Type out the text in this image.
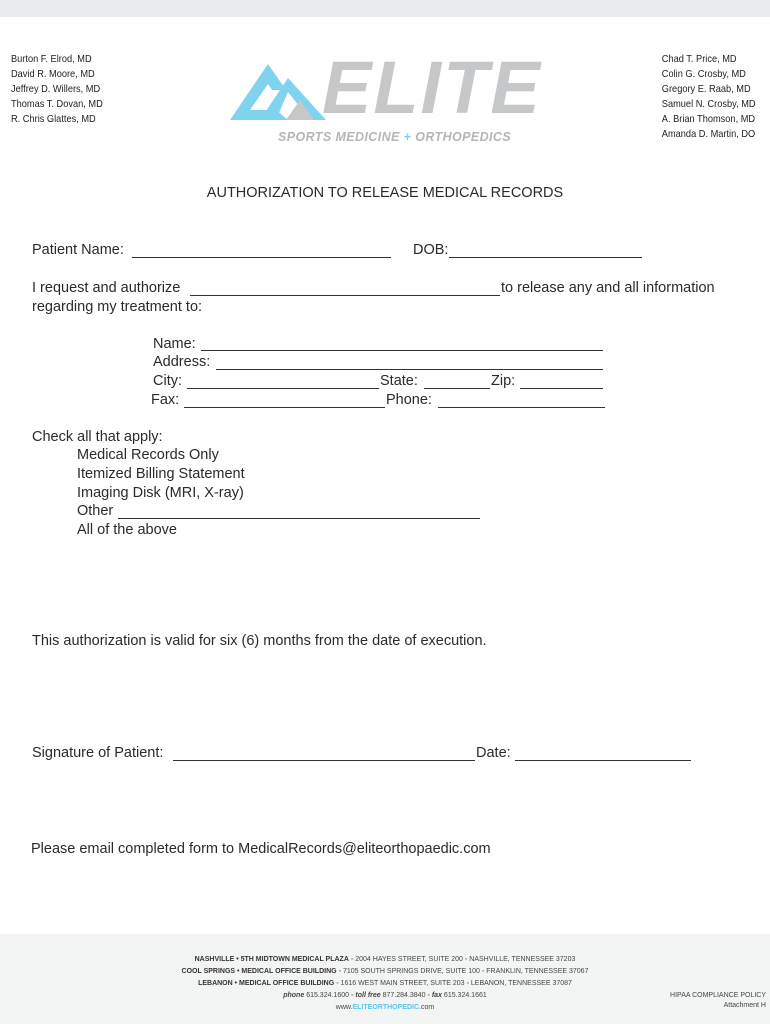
Burton F. Elrod, MD
David R. Moore, MD
Jeffrey D. Willers, MD
Thomas T. Dovan, MD
R. Chris Glattes, MD	ELITE
SPORTS MEDICINE + ORTHOPEDICS
Chad T. Price, MD
Colin G. Crosby, MD
Gregory E. Raab, MD
Samuel N. Crosby, MD
A. Brian Thomson, MD
Amanda D. Martin, DO
AUTHORIZATION TO RELEASE MEDICAL RECORDS
Patient Name:	DOB:
I request and authorize	to release any and all information
regarding my treatment to:
Name:
Address:
City:	State:	Zip:
Fax:	Phone:
Check all that apply:
Medical Records Only
Itemized Billing Statement
Imaging Disk (MRI, X-ray)
Other
All of the above
This authorization is valid for six (6) months from the date of execution.
Signature of Patient:	Date:
Please email completed form to MedicalRecords@eliteorthopaedic.com
NASHVILLE • 5TH MIDTOWN MEDICAL PLAZA ◦ 2004 HAYES STREET, SUITE 200 ◦ NASHVILLE, TENNESSEE 37203
COOL SPRINGS • MEDICAL OFFICE BUILDING ◦ 7105 SOUTH SPRINGS DRIVE, SUITE 100 ◦ FRANKLIN, TENNESSEE 37067
LEBANON • MEDICAL OFFICE BUILDING ◦ 1616 WEST MAIN STREET, SUITE 203 ◦ LEBANON, TENNESSEE 37087
phone 615.324.1600 ◦ toll free 877.284.3840 ◦ fax 615.324.1661
www.ELITEORTHOPEDIC.com
HIPAA COMPLIANCE POLICY
Attachment H
